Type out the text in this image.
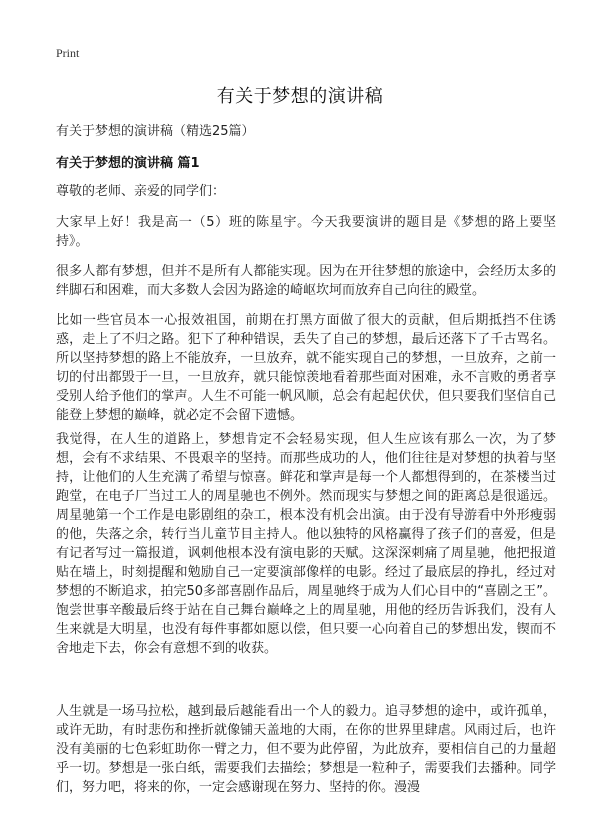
Print
有关于梦想的演讲稿
有关于梦想的演讲稿（精选25篇）
有关于梦想的演讲稿 篇1

尊敬的老师、亲爱的同学们：

大家早上好！我是高一（5）班的陈星宇。今天我要演讲的题目是《梦想的路上要坚持》。

很多人都有梦想，但并不是所有人都能实现。因为在开往梦想的旅途中，会经历太多的绊脚石和困难，而大多数人会因为路途的崎岖坎坷而放弃自己向往的殿堂。

比如一些官员本一心报效祖国，前期在打黑方面做了很大的贡献，但后期抵挡不住诱惑，走上了不归之路。犯下了种种错误，丢失了自己的梦想，最后还落下了千古骂名。所以坚持梦想的路上不能放弃，一旦放弃，就不能实现自己的梦想，一旦放弃，之前一切的付出都毁于一旦，一旦放弃，就只能惊羡地看着那些面对困难，永不言败的勇者享受别人给予他们的掌声。人生不可能一帆风顺，总会有起起伏伏，但只要我们坚信自己能登上梦想的巅峰，就必定不会留下遗憾。

我觉得，在人生的道路上，梦想肯定不会轻易实现，但人生应该有那么一次，为了梦想，会有不求结果、不畏艰辛的坚持。而那些成功的人，他们往往是对梦想的执着与坚持，让他们的人生充满了希望与惊喜。鲜花和掌声是每一个人都想得到的，在茶楼当过跑堂，在电子厂当过工人的周星驰也不例外。然而现实与梦想之间的距离总是很遥远。周星驰第一个工作是电影剧组的杂工，根本没有机会出演。由于没有导游看中外形瘦弱的他，失落之余，转行当儿童节目主持人。他以独特的风格赢得了孩子们的喜爱，但是有记者写过一篇报道，讽刺他根本没有演电影的天赋。这深深刺痛了周星驰，他把报道贴在墙上，时刻提醒和勉励自己一定要演部像样的电影。经过了最底层的挣扎，经过对梦想的不断追求，拍完50多部喜剧作品后，周星驰终于成为人们心目中的“喜剧之王”。饱尝世事辛酸最后终于站在自己舞台巅峰之上的周星驰，用他的经历告诉我们，没有人生来就是大明星，也没有每件事都如愿以偿，但只要一心向着自己的梦想出发，锲而不舍地走下去，你会有意想不到的收获。

人生就是一场马拉松，越到最后越能看出一个人的毅力。追寻梦想的途中，或许孤单，或许无助，有时悲伤和挫折就像铺天盖地的大雨，在你的世界里肆虐。风雨过后，也许没有美丽的七色彩虹助你一臂之力，但不要为此停留，为此放弃，要相信自己的力量超乎一切。梦想是一张白纸，需要我们去描绘；梦想是一粒种子，需要我们去播种。同学们，努力吧，将来的你，一定会感谢现在努力、坚持的你。漫漫
